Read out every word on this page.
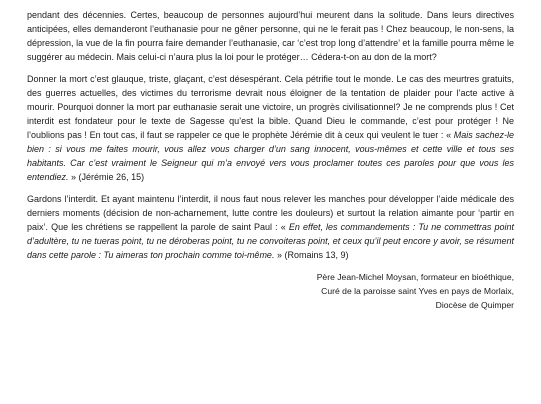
pendant des décennies. Certes, beaucoup de personnes aujourd’hui meurent dans la solitude. Dans leurs directives anticipées, elles demanderont l’euthanasie pour ne gêner personne, qui ne le ferait pas ! Chez beaucoup, le non-sens, la dépression, la vue de la fin pourra faire demander l’euthanasie, car ‘c’est trop long d’attendre’ et la famille pourra même le suggérer au médecin. Mais celui-ci n’aura plus la loi pour le protéger… Cédera-t-on au don de la mort?

Donner la mort c’est glauque, triste, glaçant, c’est désespérant. Cela pétrifie tout le monde. Le cas des meurtres gratuits, des guerres actuelles, des victimes du terrorisme devrait nous éloigner de la tentation de plaider pour l’acte active à mourir. Pourquoi donner la mort par euthanasie serait une victoire, un progrès civilisationnel? Je ne comprends plus ! Cet interdit est fondateur pour le texte de Sagesse qu’est la bible. Quand Dieu le commande, c’est pour protéger ! Ne l’oublions pas ! En tout cas, il faut se rappeler ce que le prophète Jérémie dit à ceux qui veulent le tuer : « Mais sachez-le bien : si vous me faites mourir, vous allez vous charger d’un sang innocent, vous-mêmes et cette ville et tous ses habitants. Car c’est vraiment le Seigneur qui m’a envoyé vers vous proclamer toutes ces paroles pour que vous les entendiez. » (Jérémie 26, 15)

Gardons l’interdit. Et ayant maintenu l’interdit, il nous faut nous relever les manches pour développer l’aide médicale des derniers moments (décision de non-acharnement, lutte contre les douleurs) et surtout la relation aimante pour ‘partir en paix’. Que les chrétiens se rappellent la parole de saint Paul : « En effet, les commandements : Tu ne commettras point d’adultère, tu ne tueras point, tu ne déroberas point, tu ne convoiteras point, et ceux qu’il peut encore y avoir, se résument dans cette parole : Tu aimeras ton prochain comme toi-même. » (Romains 13, 9)

Père Jean-Michel Moysan, formateur en bioéthique,
Curé de la paroisse saint Yves en pays de Morlaix,
Diocèse de Quimper
